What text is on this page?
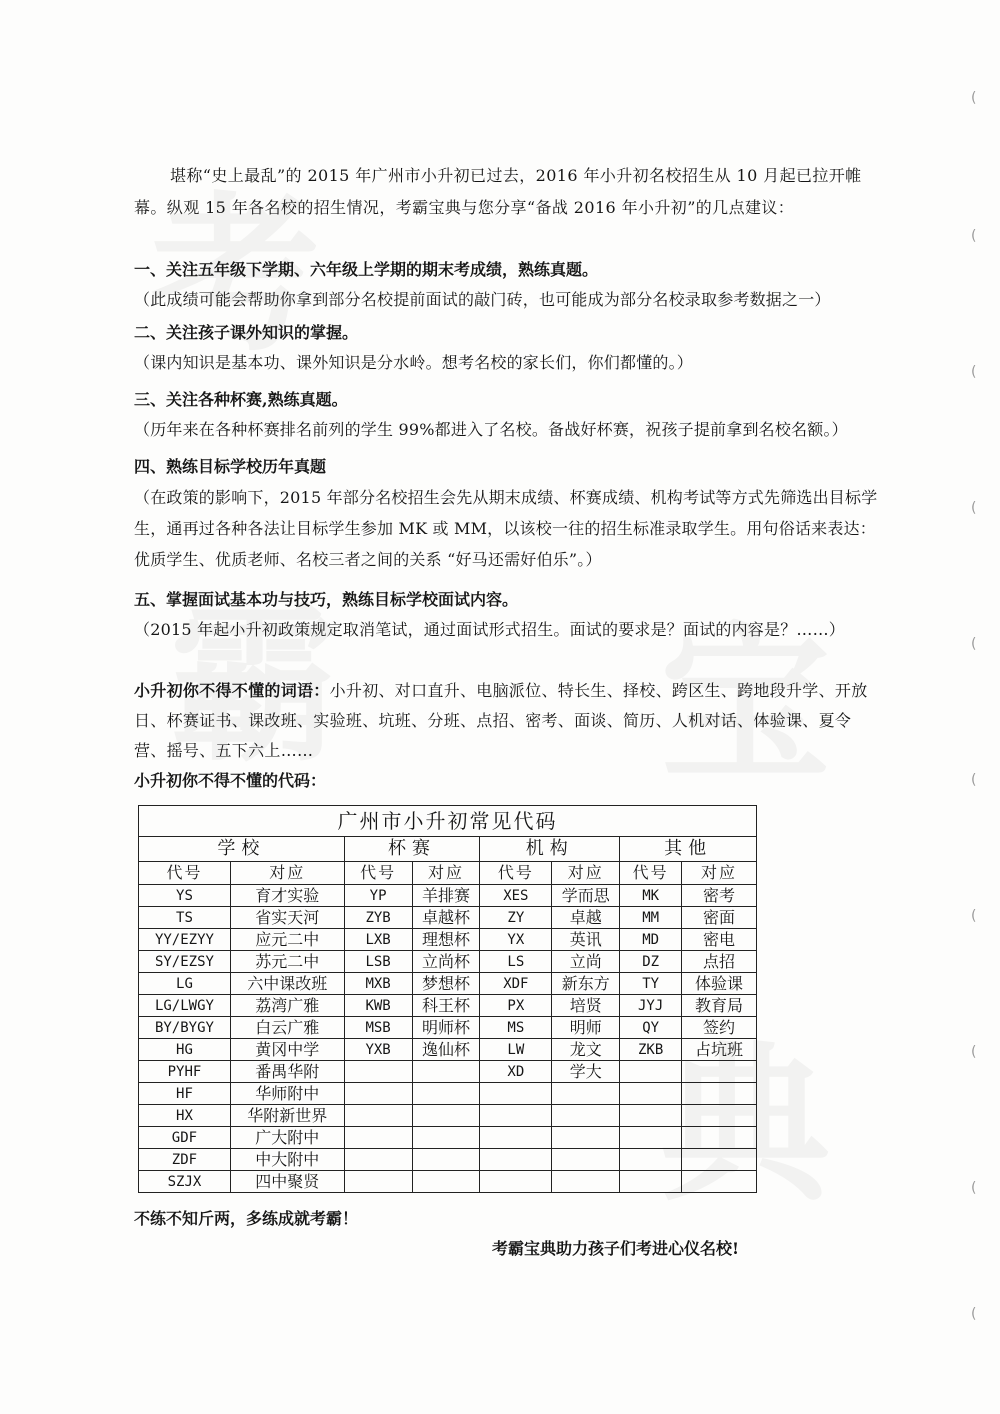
(
(
(
(
(
(
(
(
(
(

堪称“史上最乱”的 2015 年广州市小升初已过去，2016 年小升初名校招生从 10 月起已拉开帷幕。纵观 15 年各名校的招生情况，考霸宝典与您分享“备战 2016 年小升初”的几点建议：

一、关注五年级下学期、六年级上学期的期末考成绩，熟练真题。
（此成绩可能会帮助你拿到部分名校提前面试的敲门砖，也可能成为部分名校录取参考数据之一）
二、关注孩子课外知识的掌握。
（课内知识是基本功、课外知识是分水岭。想考名校的家长们，你们都懂的。）
三、关注各种杯赛,熟练真题。
（历年来在各种杯赛排名前列的学生 99%都进入了名校。备战好杯赛，祝孩子提前拿到名校名额。）
四、熟练目标学校历年真题
（在政策的影响下，2015 年部分名校招生会先从期末成绩、杯赛成绩、机构考试等方式先筛选出目标学生，通再过各种各法让目标学生参加 MK 或 MM，以该校一往的招生标准录取学生。用句俗话来表达：优质学生、优质老师、名校三者之间的关系 “好马还需好伯乐”。）
五、掌握面试基本功与技巧，熟练目标学校面试内容。
（2015 年起小升初政策规定取消笔试，通过面试形式招生。面试的要求是？面试的内容是？……）
小升初你不得不懂的词语：小升初、对口直升、电脑派位、特长生、择校、跨区生、跨地段升学、开放日、杯赛证书、课改班、实验班、坑班、分班、点招、密考、面谈、简历、人机对话、体验课、夏令营、摇号、五下六上……
小升初你不得不懂的代码：
广州市小升初常见代码							
学校		杯赛		机构		其他	
代号	对应	代号	对应	代号	对应	代号	对应
YS	育才实验	YP	羊排赛	XES	学而思	MK	密考
TS	省实天河	ZYB	卓越杯	ZY	卓越	MM	密面
YY/EZYY	应元二中	LXB	理想杯	YX	英讯	MD	密电
SY/EZSY	苏元二中	LSB	立尚杯	LS	立尚	DZ	点招
LG	六中课改班	MXB	梦想杯	XDF	新东方	TY	体验课
LG/LWGY	荔湾广雅	KWB	科王杯	PX	培贤	JYJ	教育局
BY/BYGY	白云广雅	MSB	明师杯	MS	明师	QY	签约
HG	黄冈中学	YXB	逸仙杯	LW	龙文	ZKB	占坑班
PYHF	番禺华附			XD	学大		
HF	华师附中						
HX	华附新世界						
GDF	广大附中						
ZDF	中大附中						
SZJX	四中聚贤						
不练不知斤两，多练成就考霸！
考霸宝典助力孩子们考进心仪名校!
